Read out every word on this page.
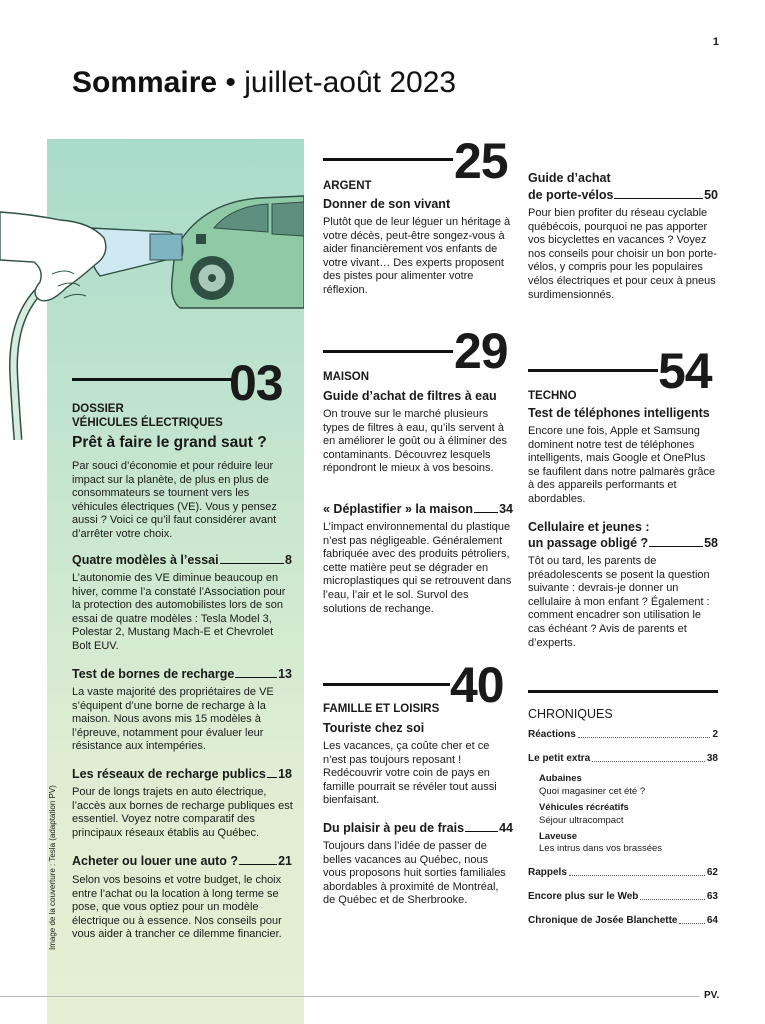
1
Sommaire • juillet-août 2023
03
DOSSIER
VÉHICULES ÉLECTRIQUES
Prêt à faire le grand saut ?
Par souci d’économie et pour réduire leur impact sur la planète, de plus en plus de consommateurs se tournent vers les véhicules électriques (VE). Vous y pensez aussi ? Voici ce qu’il faut considérer avant d’arrêter votre choix.
Quatre modèles à l’essai	8
L’autonomie des VE diminue beaucoup en hiver, comme l’a constaté l’Association pour la protection des automobilistes lors de son essai de quatre modèles : Tesla Model 3, Polestar 2, Mustang Mach-E et Chevrolet Bolt EUV.
Test de bornes de recharge	13
La vaste majorité des propriétaires de VE s’équipent d’une borne de recharge à la maison. Nous avons mis 15 modèles à l’épreuve, notamment pour évaluer leur résistance aux intempéries.
Les réseaux de recharge publics 18
Pour de longs trajets en auto électrique, l’accès aux bornes de recharge publiques est essentiel. Voyez notre comparatif des principaux réseaux établis au Québec.
Acheter ou louer une auto ?	21
Selon vos besoins et votre budget, le choix entre l’achat ou la location à long terme se pose, que vous optiez pour un modèle électrique ou à essence. Nos conseils pour vous aider à trancher ce dilemme financier.
Image de la couverture : Tesla (adaptation PV)
25
ARGENT
Donner de son vivant
Plutôt que de leur léguer un héritage à votre décès, peut-être songez-vous à aider financièrement vos enfants de votre vivant… Des experts proposent des pistes pour alimenter votre réflexion.
29
MAISON
Guide d’achat de filtres à eau
On trouve sur le marché plusieurs types de filtres à eau, qu’ils servent à en améliorer le goût ou à éliminer des contaminants. Découvrez lesquels répondront le mieux à vos besoins.
« Déplastifier » la maison 34
L’impact environnemental du plastique n’est pas négligeable. Généralement fabriquée avec des produits pétroliers, cette matière peut se dégrader en microplastiques qui se retrouvent dans l’eau, l’air et le sol. Survol des solutions de rechange.
40
FAMILLE ET LOISIRS
Touriste chez soi
Les vacances, ça coûte cher et ce n’est pas toujours reposant ! Redécouvrir votre coin de pays en famille pourrait se révéler tout aussi bienfaisant.
Du plaisir à peu de frais	44
Toujours dans l’idée de passer de belles vacances au Québec, nous vous proposons huit sorties familiales abordables à proximité de Montréal, de Québec et de Sherbrooke.
Guide d’achat
de porte-vélos	50
Pour bien profiter du réseau cyclable québécois, pourquoi ne pas apporter vos bicyclettes en vacances ? Voyez nos conseils pour choisir un bon porte-vélos, y compris pour les populaires vélos électriques et pour ceux à pneus surdimensionnés.
54
TECHNO
Test de téléphones intelligents
Encore une fois, Apple et Samsung dominent notre test de téléphones intelligents, mais Google et OnePlus se faufilent dans notre palmarès grâce à des appareils performants et abordables.
Cellulaire et jeunes :
un passage obligé ?	58
Tôt ou tard, les parents de préadolescents se posent la question suivante : devrais-je donner un cellulaire à mon enfant ? Également : comment encadrer son utilisation le cas échéant ? Avis de parents et d’experts.
CHRONIQUES
Réactions	2
Le petit extra	38
Aubaines
Quoi magasiner cet été ?
Véhicules récréatifs
Séjour ultracompact
Laveuse
Les intrus dans vos brassées
Rappels	62
Encore plus sur le Web	63
Chronique de Josée Blanchette	64
PV.
